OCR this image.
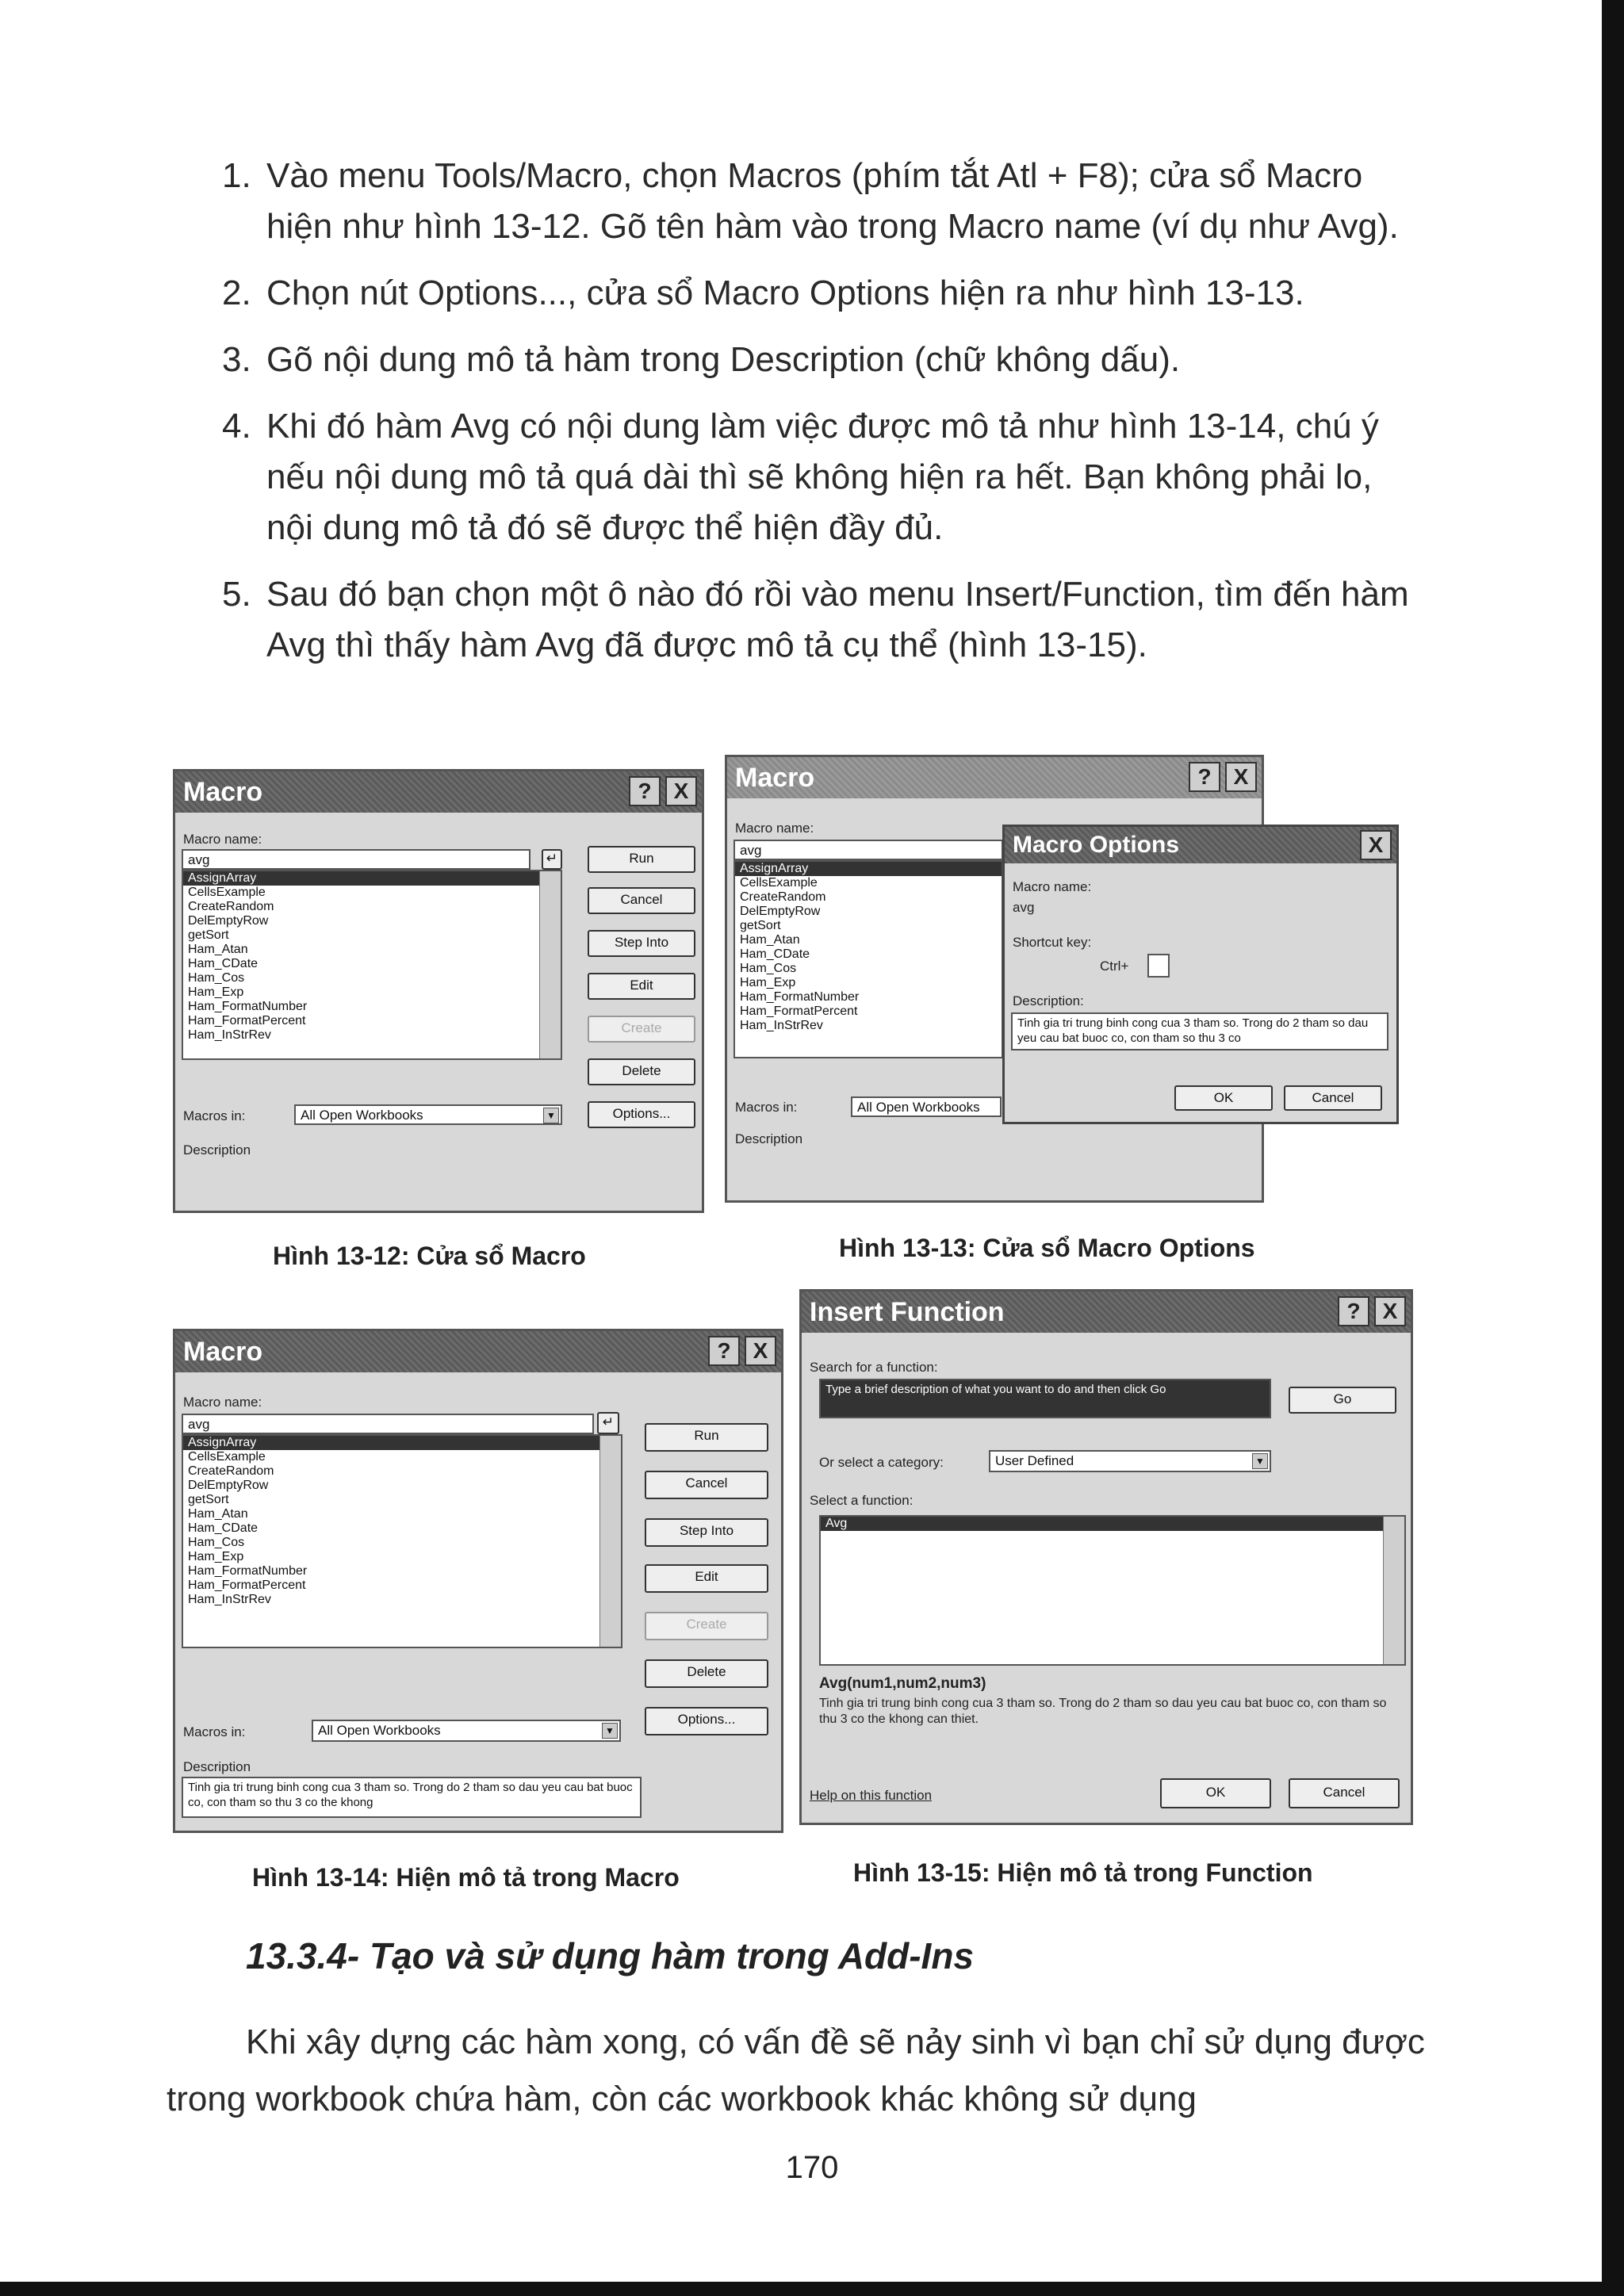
1. Vào menu Tools/Macro, chọn Macros (phím tắt Atl + F8); cửa sổ Macro hiện như hình 13-12. Gõ tên hàm vào trong Macro name (ví dụ như Avg).
2. Chọn nút Options..., cửa sổ Macro Options hiện ra như hình 13-13.
3. Gõ nội dung mô tả hàm trong Description (chữ không dấu).
4. Khi đó hàm Avg có nội dung làm việc được mô tả như hình 13-14, chú ý nếu nội dung mô tả quá dài thì sẽ không hiện ra hết. Bạn không phải lo, nội dung mô tả đó sẽ được thể hiện đầy đủ.
5. Sau đó bạn chọn một ô nào đó rồi vào menu Insert/Function, tìm đến hàm Avg thì thấy hàm Avg đã được mô tả cụ thể (hình 13-15).
Macro	?	X
Macro name:
avg	↵
AssignArray
CellsExample
CreateRandom
DelEmptyRow
getSort
Ham_Atan
Ham_CDate
Ham_Cos
Ham_Exp
Ham_FormatNumber
Ham_FormatPercent
Ham_InStrRev
Run
Cancel
Step Into
Edit
Create
Delete
Options...
Macros in:	All Open Workbooks	▼
Description
Macro	?	X
Macro name:
avg
AssignArray
CellsExample
CreateRandom
DelEmptyRow
getSort
Ham_Atan
Ham_CDate
Ham_Cos
Ham_Exp
Ham_FormatNumber
Ham_FormatPercent
Ham_InStrRev
Macros in:	All Open Workbooks
Description
Macro Options	X
Macro name:
avg
Shortcut key:
Ctrl+
Description:
Tinh gia tri trung binh cong cua 3 tham so. Trong do 2 tham so dau yeu cau bat buoc co, con tham so thu 3 co
OK	Cancel
Hình 13-12: Cửa sổ Macro	Hình 13-13: Cửa sổ Macro Options
Macro	?	X
Macro name:
avg	↵
AssignArray
CellsExample
CreateRandom
DelEmptyRow
getSort
Ham_Atan
Ham_CDate
Ham_Cos
Ham_Exp
Ham_FormatNumber
Ham_FormatPercent
Ham_InStrRev
Run
Cancel
Step Into
Edit
Create
Delete
Options...
Macros in:	All Open Workbooks	▼
Description
Tinh gia tri trung binh cong cua 3 tham so. Trong do 2 tham so dau yeu cau bat buoc co, con tham so thu 3 co the khong
Insert Function	?	X
Search for a function:
Type a brief description of what you want to do and then click Go
Go
Or select a category:	User Defined	▼
Select a function:
Avg
Avg(num1,num2,num3)
Tinh gia tri trung binh cong cua 3 tham so. Trong do 2 tham so dau yeu cau bat buoc co, con tham so thu 3 co the khong can thiet.
Help on this function	OK	Cancel
Hình 13-14: Hiện mô tả trong Macro	Hình 13-15: Hiện mô tả trong Function
13.3.4- Tạo và sử dụng hàm trong Add-Ins

Khi xây dựng các hàm xong, có vấn đề sẽ nảy sinh vì bạn chỉ sử dụng được trong workbook chứa hàm, còn các workbook khác không sử dụng

170
